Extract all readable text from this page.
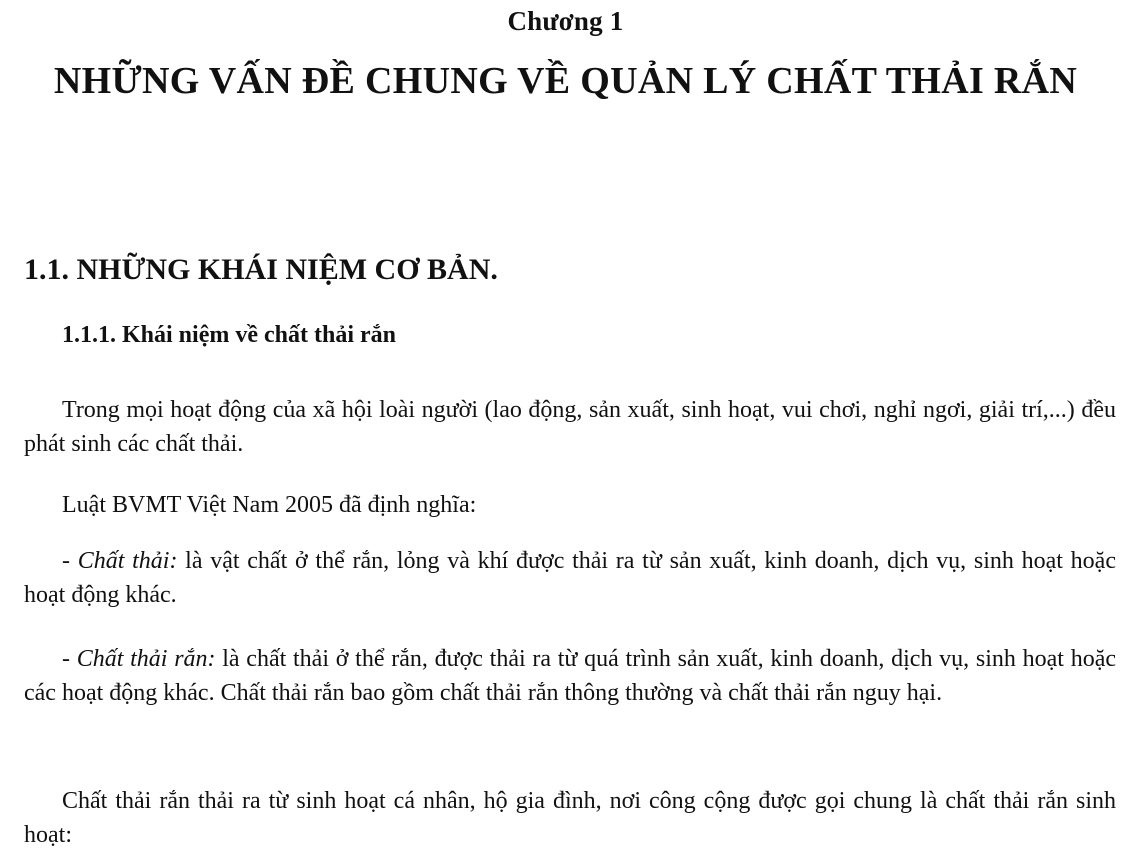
Chương 1
NHỮNG VẤN ĐỀ CHUNG VỀ QUẢN LÝ CHẤT THẢI RẮN
1.1. NHỮNG KHÁI NIỆM CƠ BẢN.
1.1.1. Khái niệm về chất thải rắn

Trong mọi hoạt động của xã hội loài người (lao động, sản xuất, sinh hoạt, vui chơi, nghỉ ngơi, giải trí,...) đều phát sinh các chất thải.

Luật BVMT Việt Nam 2005 đã định nghĩa:

- Chất thải: là vật chất ở thể rắn, lỏng và khí được thải ra từ sản xuất, kinh doanh, dịch vụ, sinh hoạt hoặc hoạt động khác.

- Chất thải rắn: là chất thải ở thể rắn, được thải ra từ quá trình sản xuất, kinh doanh, dịch vụ, sinh hoạt hoặc các hoạt động khác. Chất thải rắn bao gồm chất thải rắn thông thường và chất thải rắn nguy hại.

Chất thải rắn thải ra từ sinh hoạt cá nhân, hộ gia đình, nơi công cộng được gọi chung là chất thải rắn sinh hoạt:
